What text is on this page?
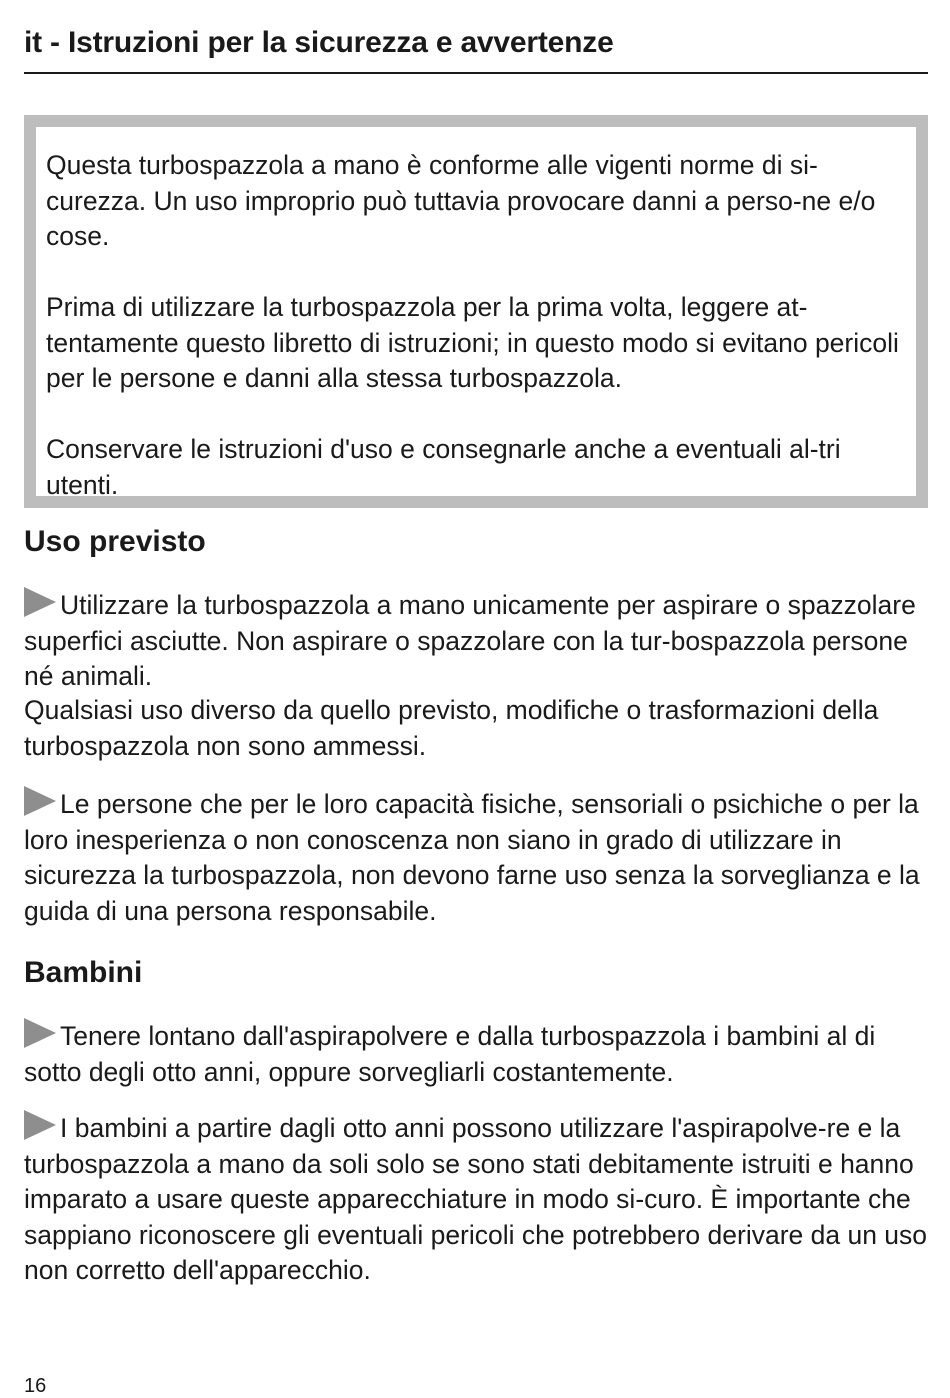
it - Istruzioni per la sicurezza e avvertenze

Questa turbospazzola a mano è conforme alle vigenti norme di si-curezza. Un uso improprio può tuttavia provocare danni a perso-ne e/o cose.

Prima di utilizzare la turbospazzola per la prima volta, leggere at-tentamente questo libretto di istruzioni; in questo modo si evitano pericoli per le persone e danni alla stessa turbospazzola.

Conservare le istruzioni d'uso e consegnarle anche a eventuali al-tri utenti.

Uso previsto

Utilizzare la turbospazzola a mano unicamente per aspirare o spazzolare superfici asciutte. Non aspirare o spazzolare con la tur-bospazzola persone né animali.

Qualsiasi uso diverso da quello previsto, modifiche o trasformazioni della turbospazzola non sono ammessi.

Le persone che per le loro capacità fisiche, sensoriali o psichiche o per la loro inesperienza o non conoscenza non siano in grado di utilizzare in sicurezza la turbospazzola, non devono farne uso senza la sorveglianza e la guida di una persona responsabile.

Bambini

Tenere lontano dall'aspirapolvere e dalla turbospazzola i bambini al di sotto degli otto anni, oppure sorvegliarli costantemente.

I bambini a partire dagli otto anni possono utilizzare l'aspirapolve-re e la turbospazzola a mano da soli solo se sono stati debitamente istruiti e hanno imparato a usare queste apparecchiature in modo si-curo. È importante che sappiano riconoscere gli eventuali pericoli che potrebbero derivare da un uso non corretto dell'apparecchio.

16
